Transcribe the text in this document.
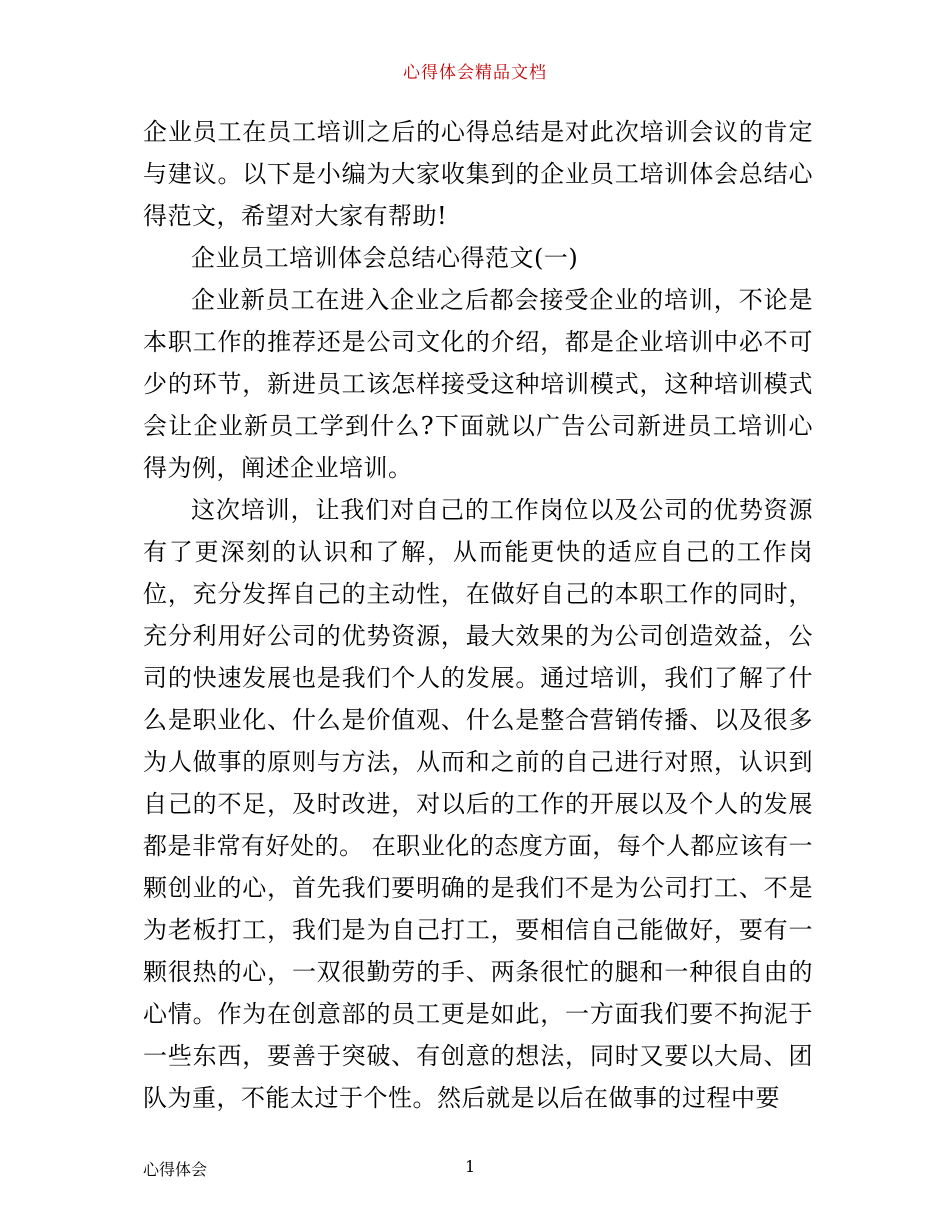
心得体会精品文档

企业员工在员工培训之后的心得总结是对此次培训会议的肯定与建议。以下是小编为大家收集到的企业员工培训体会总结心得范文，希望对大家有帮助!

企业员工培训体会总结心得范文(一)

企业新员工在进入企业之后都会接受企业的培训，不论是本职工作的推荐还是公司文化的介绍，都是企业培训中必不可少的环节，新进员工该怎样接受这种培训模式，这种培训模式会让企业新员工学到什么?下面就以广告公司新进员工培训心得为例，阐述企业培训。

这次培训，让我们对自己的工作岗位以及公司的优势资源有了更深刻的认识和了解，从而能更快的适应自己的工作岗位，充分发挥自己的主动性，在做好自己的本职工作的同时，充分利用好公司的优势资源，最大效果的为公司创造效益，公司的快速发展也是我们个人的发展。通过培训，我们了解了什么是职业化、什么是价值观、什么是整合营销传播、以及很多为人做事的原则与方法，从而和之前的自己进行对照，认识到自己的不足，及时改进，对以后的工作的开展以及个人的发展都是非常有好处的。 在职业化的态度方面，每个人都应该有一颗创业的心，首先我们要明确的是我们不是为公司打工、不是为老板打工，我们是为自己打工，要相信自己能做好，要有一颗很热的心，一双很勤劳的手、两条很忙的腿和一种很自由的心情。作为在创意部的员工更是如此，一方面我们要不拘泥于一些东西，要善于突破、有创意的想法，同时又要以大局、团队为重，不能太过于个性。然后就是以后在做事的过程中要

心得体会	1
